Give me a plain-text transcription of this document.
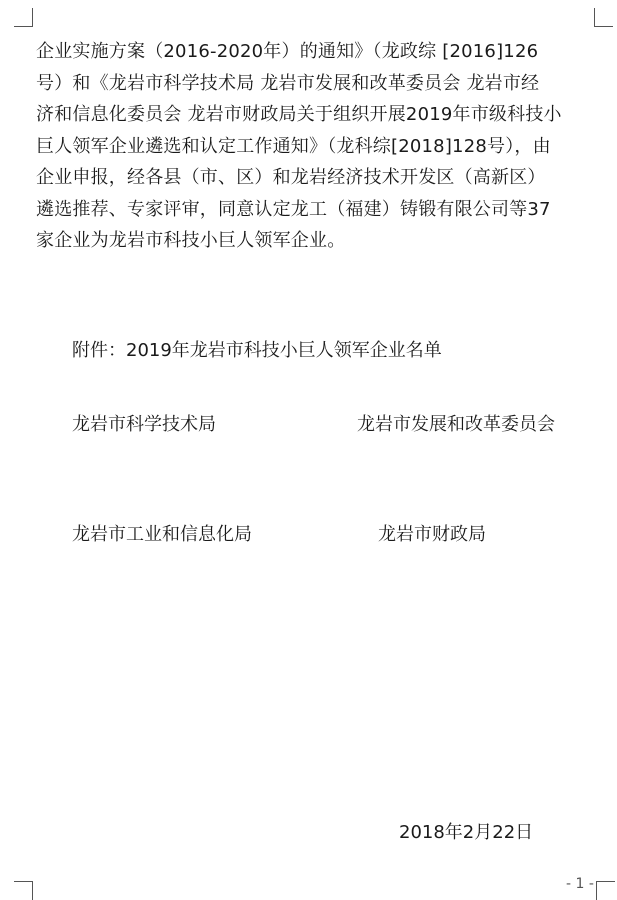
企业实施方案（2016-2020年）的通知》（龙政综 [2016]126
号）和《龙岩市科学技术局 龙岩市发展和改革委员会 龙岩市经
济和信息化委员会 龙岩市财政局关于组织开展2019年市级科技小
巨人领军企业遴选和认定工作通知》（龙科综[2018]128号），由
企业申报，经各县（市、区）和龙岩经济技术开发区（高新区）
遴选推荐、专家评审，同意认定龙工（福建）铸锻有限公司等37
家企业为龙岩市科技小巨人领军企业。
附件：2019年龙岩市科技小巨人领军企业名单
龙岩市科学技术局	龙岩市发展和改革委员会
龙岩市工业和信息化局	龙岩市财政局
2018年2月22日
- 1 -
